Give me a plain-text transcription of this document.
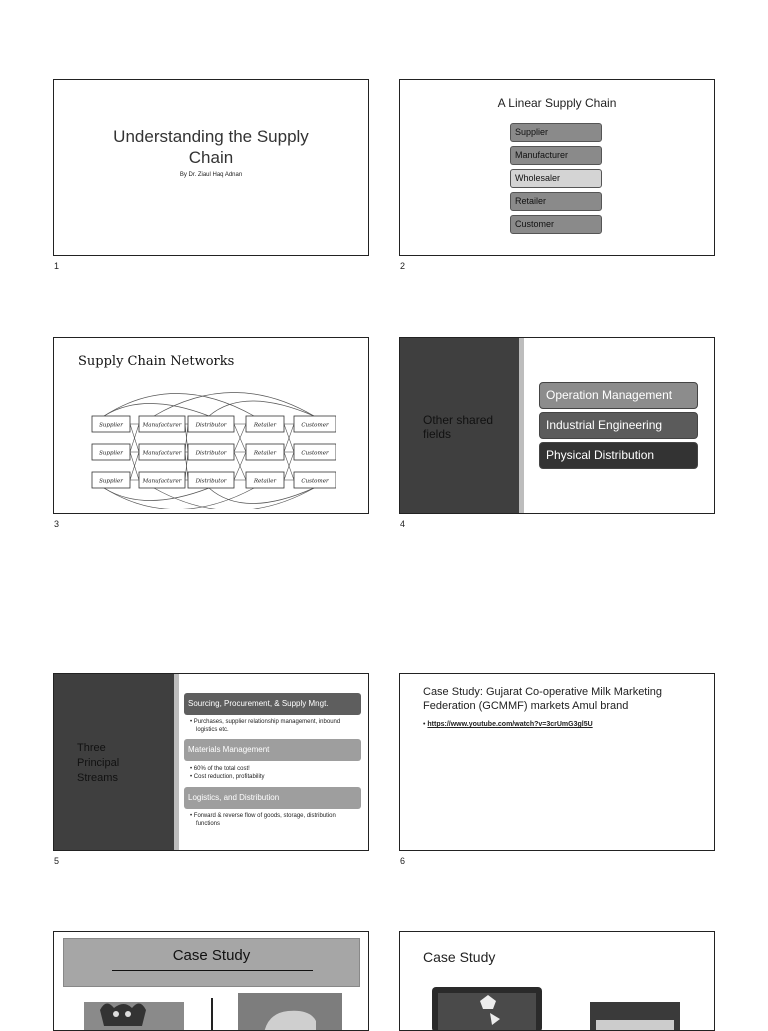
Understanding the Supply
Chain
By Dr. Ziaul Haq Adnan
1
A Linear Supply Chain
Supplier
Manufacturer
Wholesaler
Retailer
Customer
2
Supply Chain Networks
Supplier	Manufacturer	Distributor	Retailer	Customer
Supplier	Manufacturer	Distributor	Retailer	Customer
Supplier	Manufacturer	Distributor	Retailer	Customer
3
Other shared fields
Operation Management
Industrial Engineering
Physical Distribution
4
Three
Principal
Streams
Sourcing, Procurement, & Supply Mngt.
• Purchases, supplier relationship management, inbound logistics etc.
Materials Management
• 60% of the total cost!
• Cost reduction, profitability
Logistics, and Distribution
• Forward & reverse flow of goods, storage, distribution functions
5
Case Study: Gujarat Co-operative Milk Marketing Federation (GCMMF) markets Amul brand
• https://www.youtube.com/watch?v=3crUmG3gl5U
6
Case Study	Case Study
